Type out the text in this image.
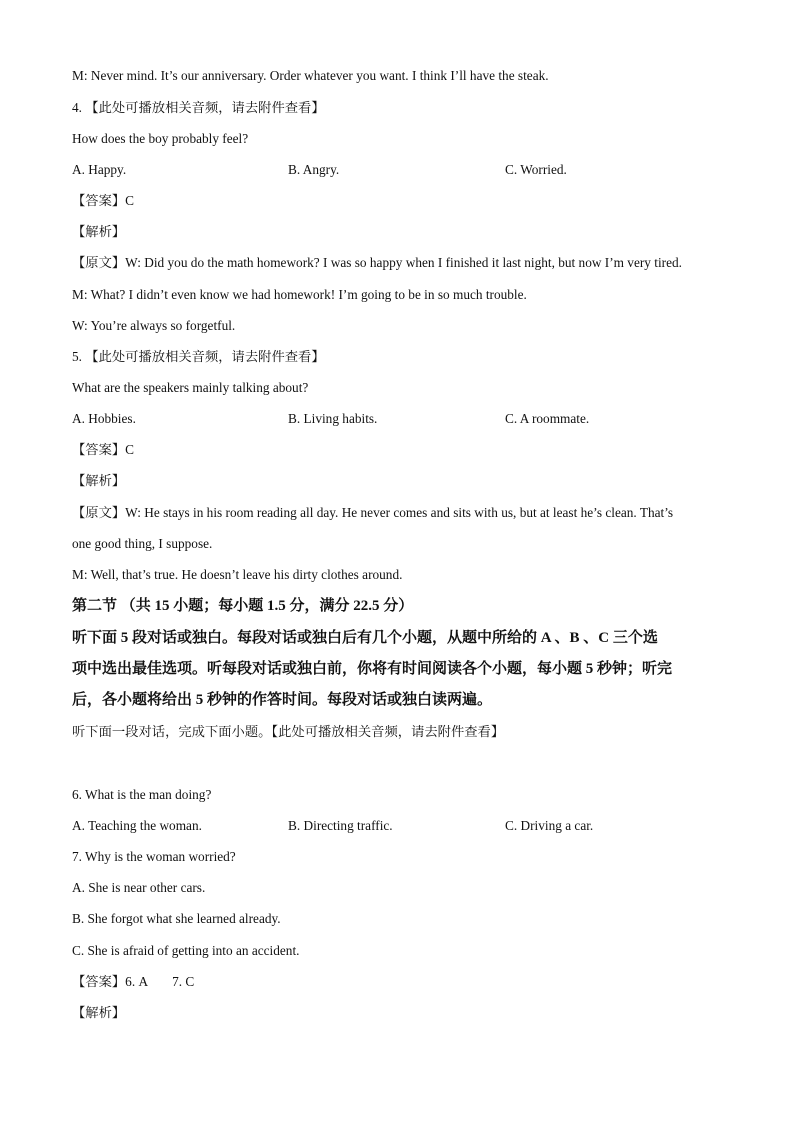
M: Never mind. It’s our anniversary. Order whatever you want. I think I’ll have the steak.
4. 【此处可播放相关音频，请去附件查看】
How does the boy probably feel?
A. Happy.	B. Angry.	C. Worried.
【答案】C
【解析】
【原文】W: Did you do the math homework? I was so happy when I finished it last night, but now I’m very tired.
M: What? I didn’t even know we had homework! I’m going to be in so much trouble.
W: You’re always so forgetful.
5. 【此处可播放相关音频，请去附件查看】
What are the speakers mainly talking about?
A. Hobbies.	B. Living habits.	C. A roommate.
【答案】C
【解析】
【原文】W: He stays in his room reading all day. He never comes and sits with us, but at least he’s clean. That’s
one good thing, I suppose.
M: Well, that’s true. He doesn’t leave his dirty clothes around.
第二节 （共 15 小题；每小题 1.5 分，满分 22.5 分）
听下面 5 段对话或独白。每段对话或独白后有几个小题，从题中所给的 A 、B 、C 三个选
项中选出最佳选项。听每段对话或独白前，你将有时间阅读各个小题，每小题 5 秒钟；听完
后，各小题将给出 5 秒钟的作答时间。每段对话或独白读两遍。
听下面一段对话，完成下面小题。【此处可播放相关音频，请去附件查看】
6. What is the man doing?
A. Teaching the woman.	B. Directing traffic.	C. Driving a car.
7. Why is the woman worried?
A. She is near other cars.
B. She forgot what she learned already.
C. She is afraid of getting into an accident.
【答案】6. A 7. C
【解析】
